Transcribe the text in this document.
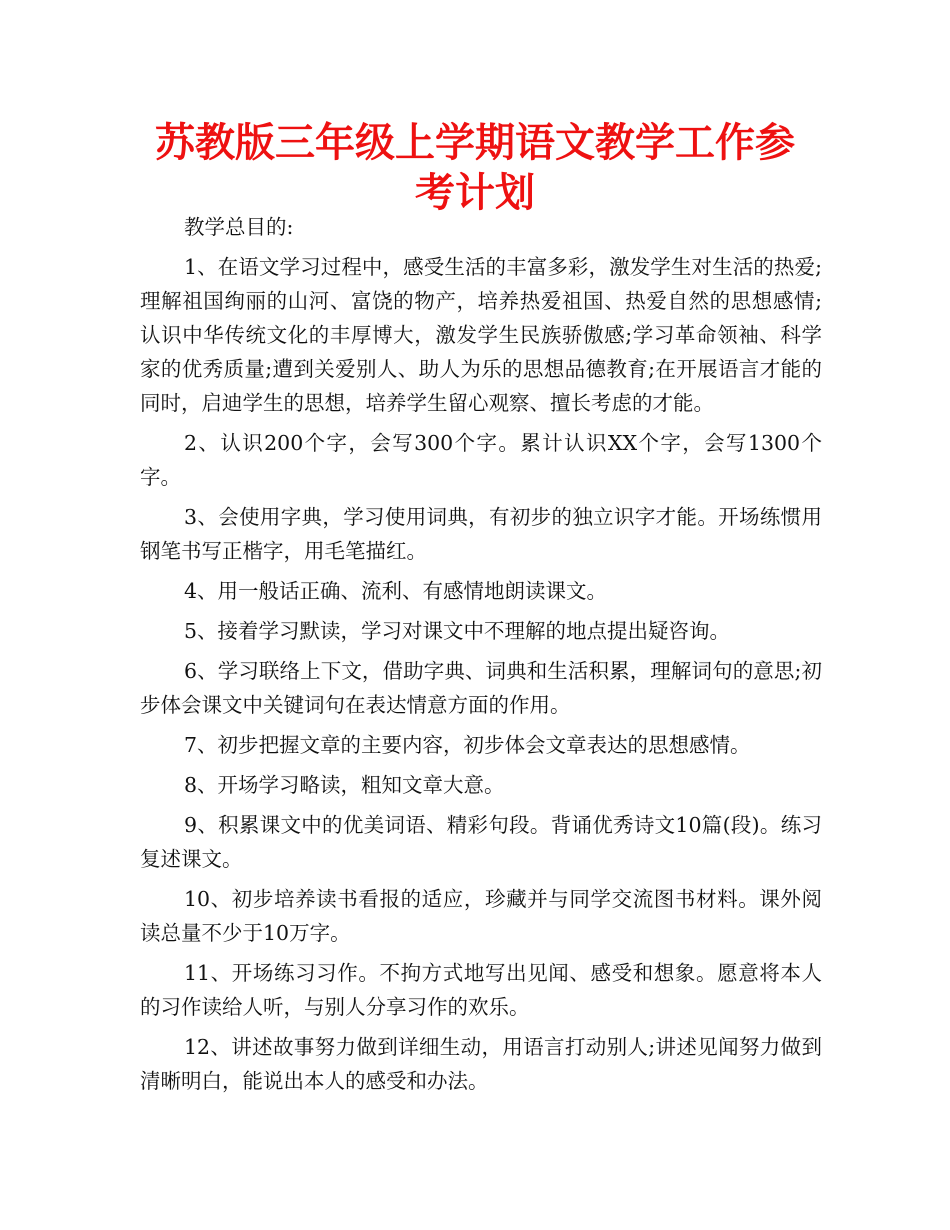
苏教版三年级上学期语文教学工作参考计划

教学总目的:

1、在语文学习过程中，感受生活的丰富多彩，激发学生对生活的热爱;理解祖国绚丽的山河、富饶的物产，培养热爱祖国、热爱自然的思想感情;认识中华传统文化的丰厚博大，激发学生民族骄傲感;学习革命领袖、科学家的优秀质量;遭到关爱别人、助人为乐的思想品德教育;在开展语言才能的同时，启迪学生的思想，培养学生留心观察、擅长考虑的才能。

2、认识200个字，会写300个字。累计认识XX个字，会写1300个字。

3、会使用字典，学习使用词典，有初步的独立识字才能。开场练惯用钢笔书写正楷字，用毛笔描红。

4、用一般话正确、流利、有感情地朗读课文。

5、接着学习默读，学习对课文中不理解的地点提出疑咨询。

6、学习联络上下文，借助字典、词典和生活积累，理解词句的意思;初步体会课文中关键词句在表达情意方面的作用。

7、初步把握文章的主要内容，初步体会文章表达的思想感情。

8、开场学习略读，粗知文章大意。

9、积累课文中的优美词语、精彩句段。背诵优秀诗文10篇(段)。练习复述课文。

10、初步培养读书看报的适应，珍藏并与同学交流图书材料。课外阅读总量不少于10万字。

11、开场练习习作。不拘方式地写出见闻、感受和想象。愿意将本人的习作读给人听，与别人分享习作的欢乐。

12、讲述故事努力做到详细生动，用语言打动别人;讲述见闻努力做到清晰明白，能说出本人的感受和办法。
